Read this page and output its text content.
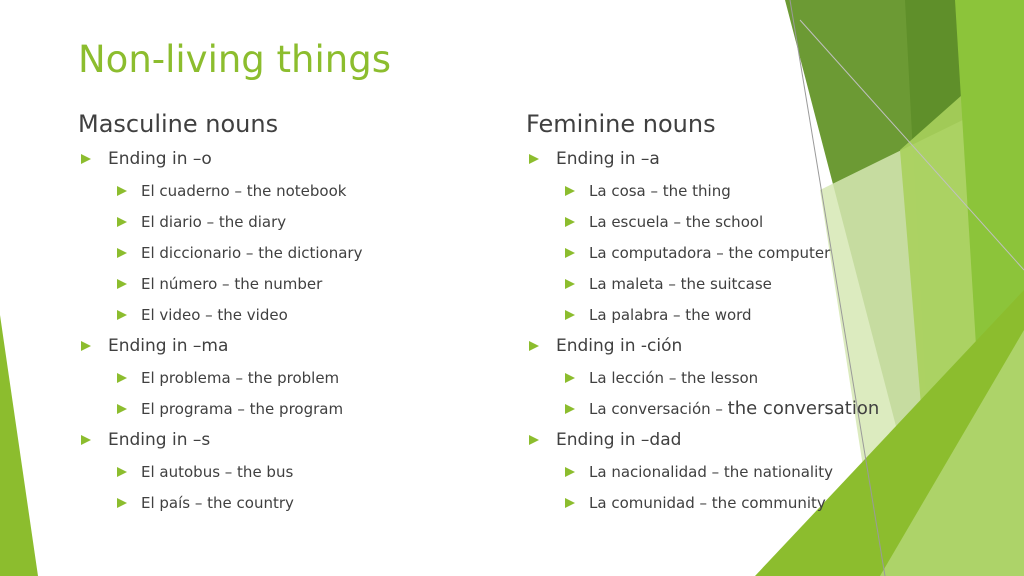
Non-living things
Masculine nouns
Ending in –o
El cuaderno – the notebook
El diario – the diary
El diccionario – the dictionary
El número – the number
El video – the video
Ending in –ma
El problema – the problem
El programa – the program
Ending in –s
El autobus – the bus
El país – the country
Feminine nouns
Ending in –a
La cosa – the thing
La escuela – the school
La computadora – the computer
La maleta – the suitcase
La palabra – the word
Ending in -ción
La lección – the lesson
La conversación – the conversation
Ending in –dad
La nacionalidad – the nationality
La comunidad – the community
